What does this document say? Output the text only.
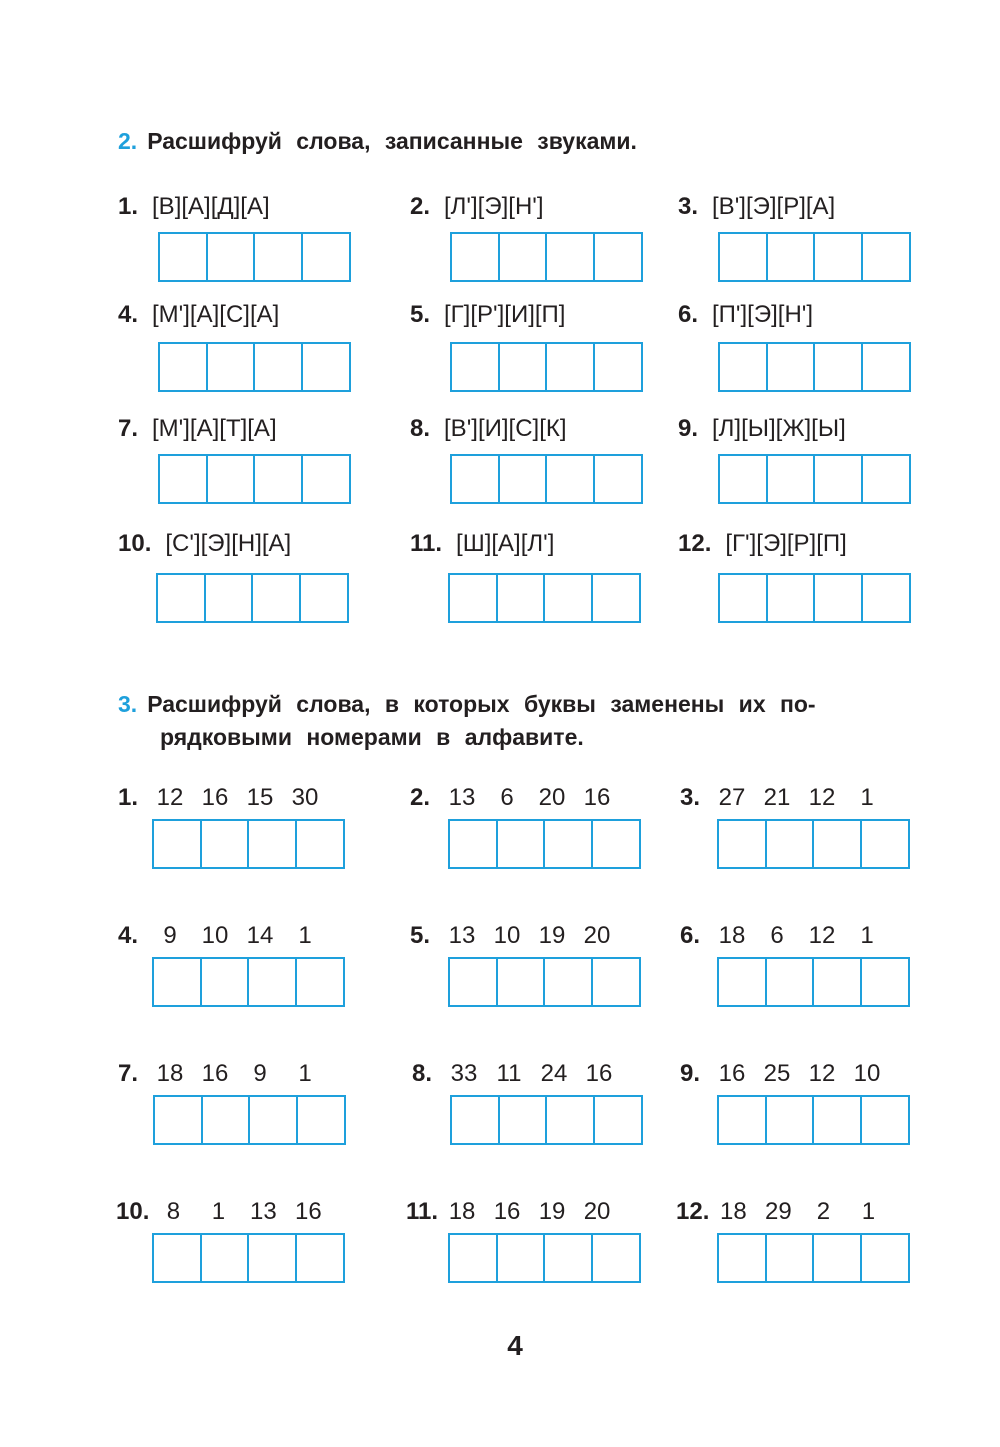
2. Расшифруй слова, записанные звуками.
1. [В][А][Д][А]	2. [Л'][Э][Н']	3. [В'][Э][Р][А]
4. [М'][А][С][А]	5. [Г][Р'][И][П]	6. [П'][Э][Н']
7. [М'][А][Т][А]	8. [В'][И][С][К]	9. [Л][Ы][Ж][Ы]
10. [С'][Э][Н][А]	11. [Ш][А][Л']	12. [Г'][Э][Р][П]
3. Расшифруй слова, в которых буквы заменены их по-
рядковыми номерами в алфавите.
1. 12 16 15 30	2. 13 6 20 16	3. 27 21 12 1
4. 9 10 14 1	5. 13 10 19 20	6. 18 6 12 1
7. 18 16 9 1	8. 33 11 24 16	9. 16 25 12 10
10. 8 1 13 16	11. 18 16 19 20	12. 18 29 2 1
4
